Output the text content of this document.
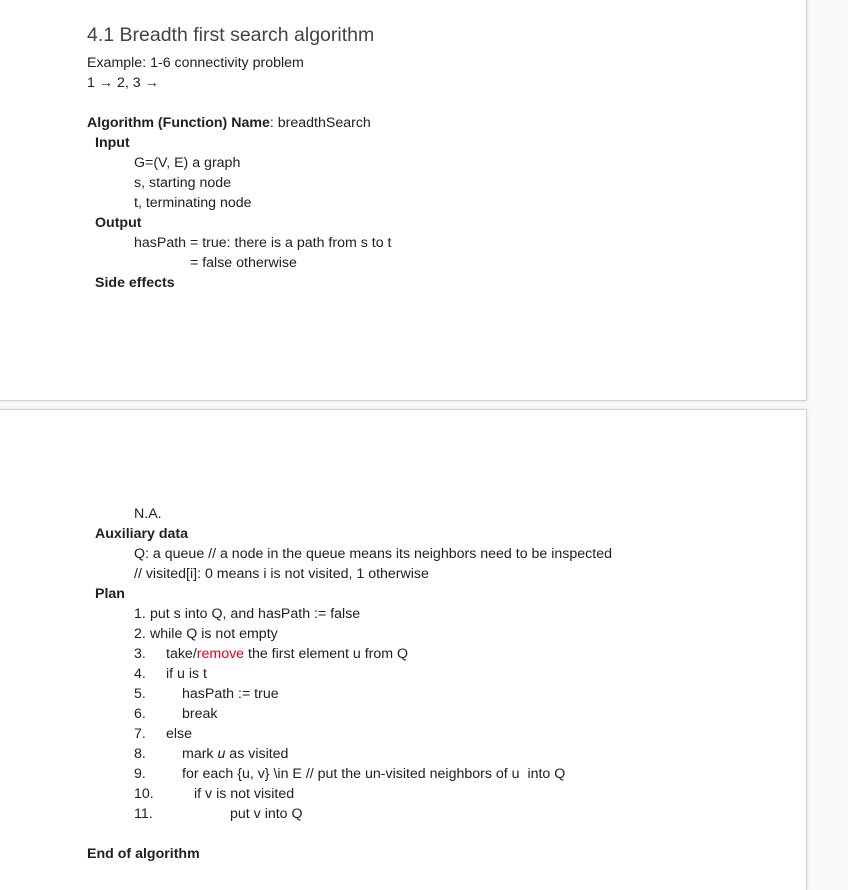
4.1 Breadth first search algorithm
Example: 1-6 connectivity problem
1 → 2, 3 →
Algorithm (Function) Name: breadthSearch
Input
G=(V, E) a graph
s, starting node
t, terminating node
Output
hasPath = true: there is a path from s to t
= false otherwise
Side effects
N.A.
Auxiliary data
Q: a queue // a node in the queue means its neighbors need to be inspected
// visited[i]: 0 means i is not visited, 1 otherwise
Plan
1. put s into Q, and hasPath := false
2. while Q is not empty
3. take/remove the first element u from Q
4. if u is t
5.	hasPath := true
6.	break
7. else
8.	mark u as visited
9.	for each {u, v} \in E // put the un-visited neighbors of u  into Q
10.	if v is not visited
11.	put v into Q
End of algorithm
